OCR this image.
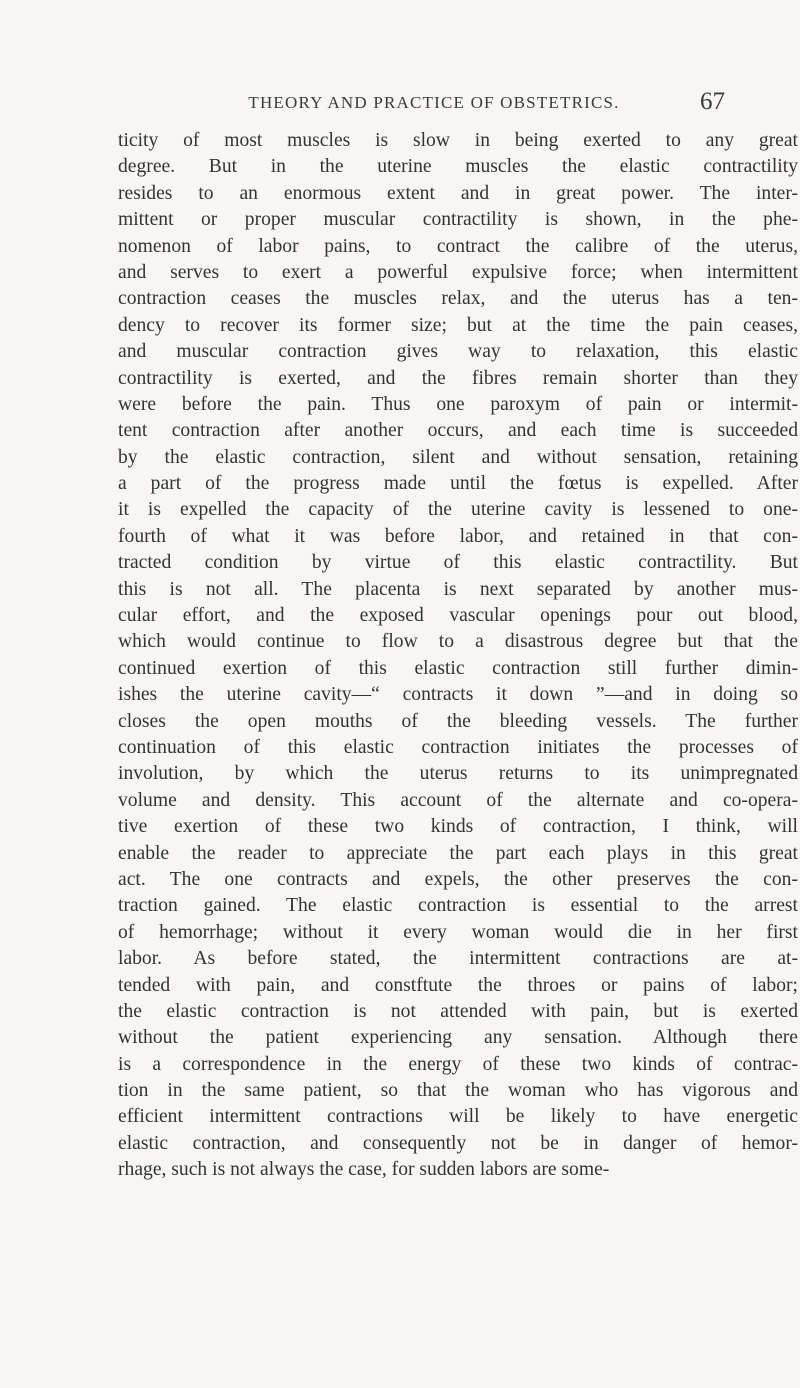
THEORY AND PRACTICE OF OBSTETRICS.	67
ticity of most muscles is slow in being exerted to any great
degree. But in the uterine muscles the elastic contractility
resides to an enormous extent and in great power. The inter-
mittent or proper muscular contractility is shown, in the phe-
nomenon of labor pains, to contract the calibre of the uterus,
and serves to exert a powerful expulsive force; when intermittent
contraction ceases the muscles relax, and the uterus has a ten-
dency to recover its former size; but at the time the pain ceases,
and muscular contraction gives way to relaxation, this elastic
contractility is exerted, and the fibres remain shorter than they
were before the pain. Thus one paroxym of pain or intermit-
tent contraction after another occurs, and each time is succeeded
by the elastic contraction, silent and without sensation, retaining
a part of the progress made until the fœtus is expelled. After
it is expelled the capacity of the uterine cavity is lessened to one-
fourth of what it was before labor, and retained in that con-
tracted condition by virtue of this elastic contractility. But
this is not all. The placenta is next separated by another mus-
cular effort, and the exposed vascular openings pour out blood,
which would continue to flow to a disastrous degree but that the
continued exertion of this elastic contraction still further dimin-
ishes the uterine cavity—“ contracts it down ”—and in doing so
closes the open mouths of the bleeding vessels. The further
continuation of this elastic contraction initiates the processes of
involution, by which the uterus returns to its unimpregnated
volume and density. This account of the alternate and co-opera-
tive exertion of these two kinds of contraction, I think, will
enable the reader to appreciate the part each plays in this great
act. The one contracts and expels, the other preserves the con-
traction gained. The elastic contraction is essential to the arrest
of hemorrhage; without it every woman would die in her first
labor. As before stated, the intermittent contractions are at-
tended with pain, and constftute the throes or pains of labor;
the elastic contraction is not attended with pain, but is exerted
without the patient experiencing any sensation. Although there
is a correspondence in the energy of these two kinds of contrac-
tion in the same patient, so that the woman who has vigorous and
efficient intermittent contractions will be likely to have energetic
elastic contraction, and consequently not be in danger of hemor-
rhage, such is not always the case, for sudden labors are some-
